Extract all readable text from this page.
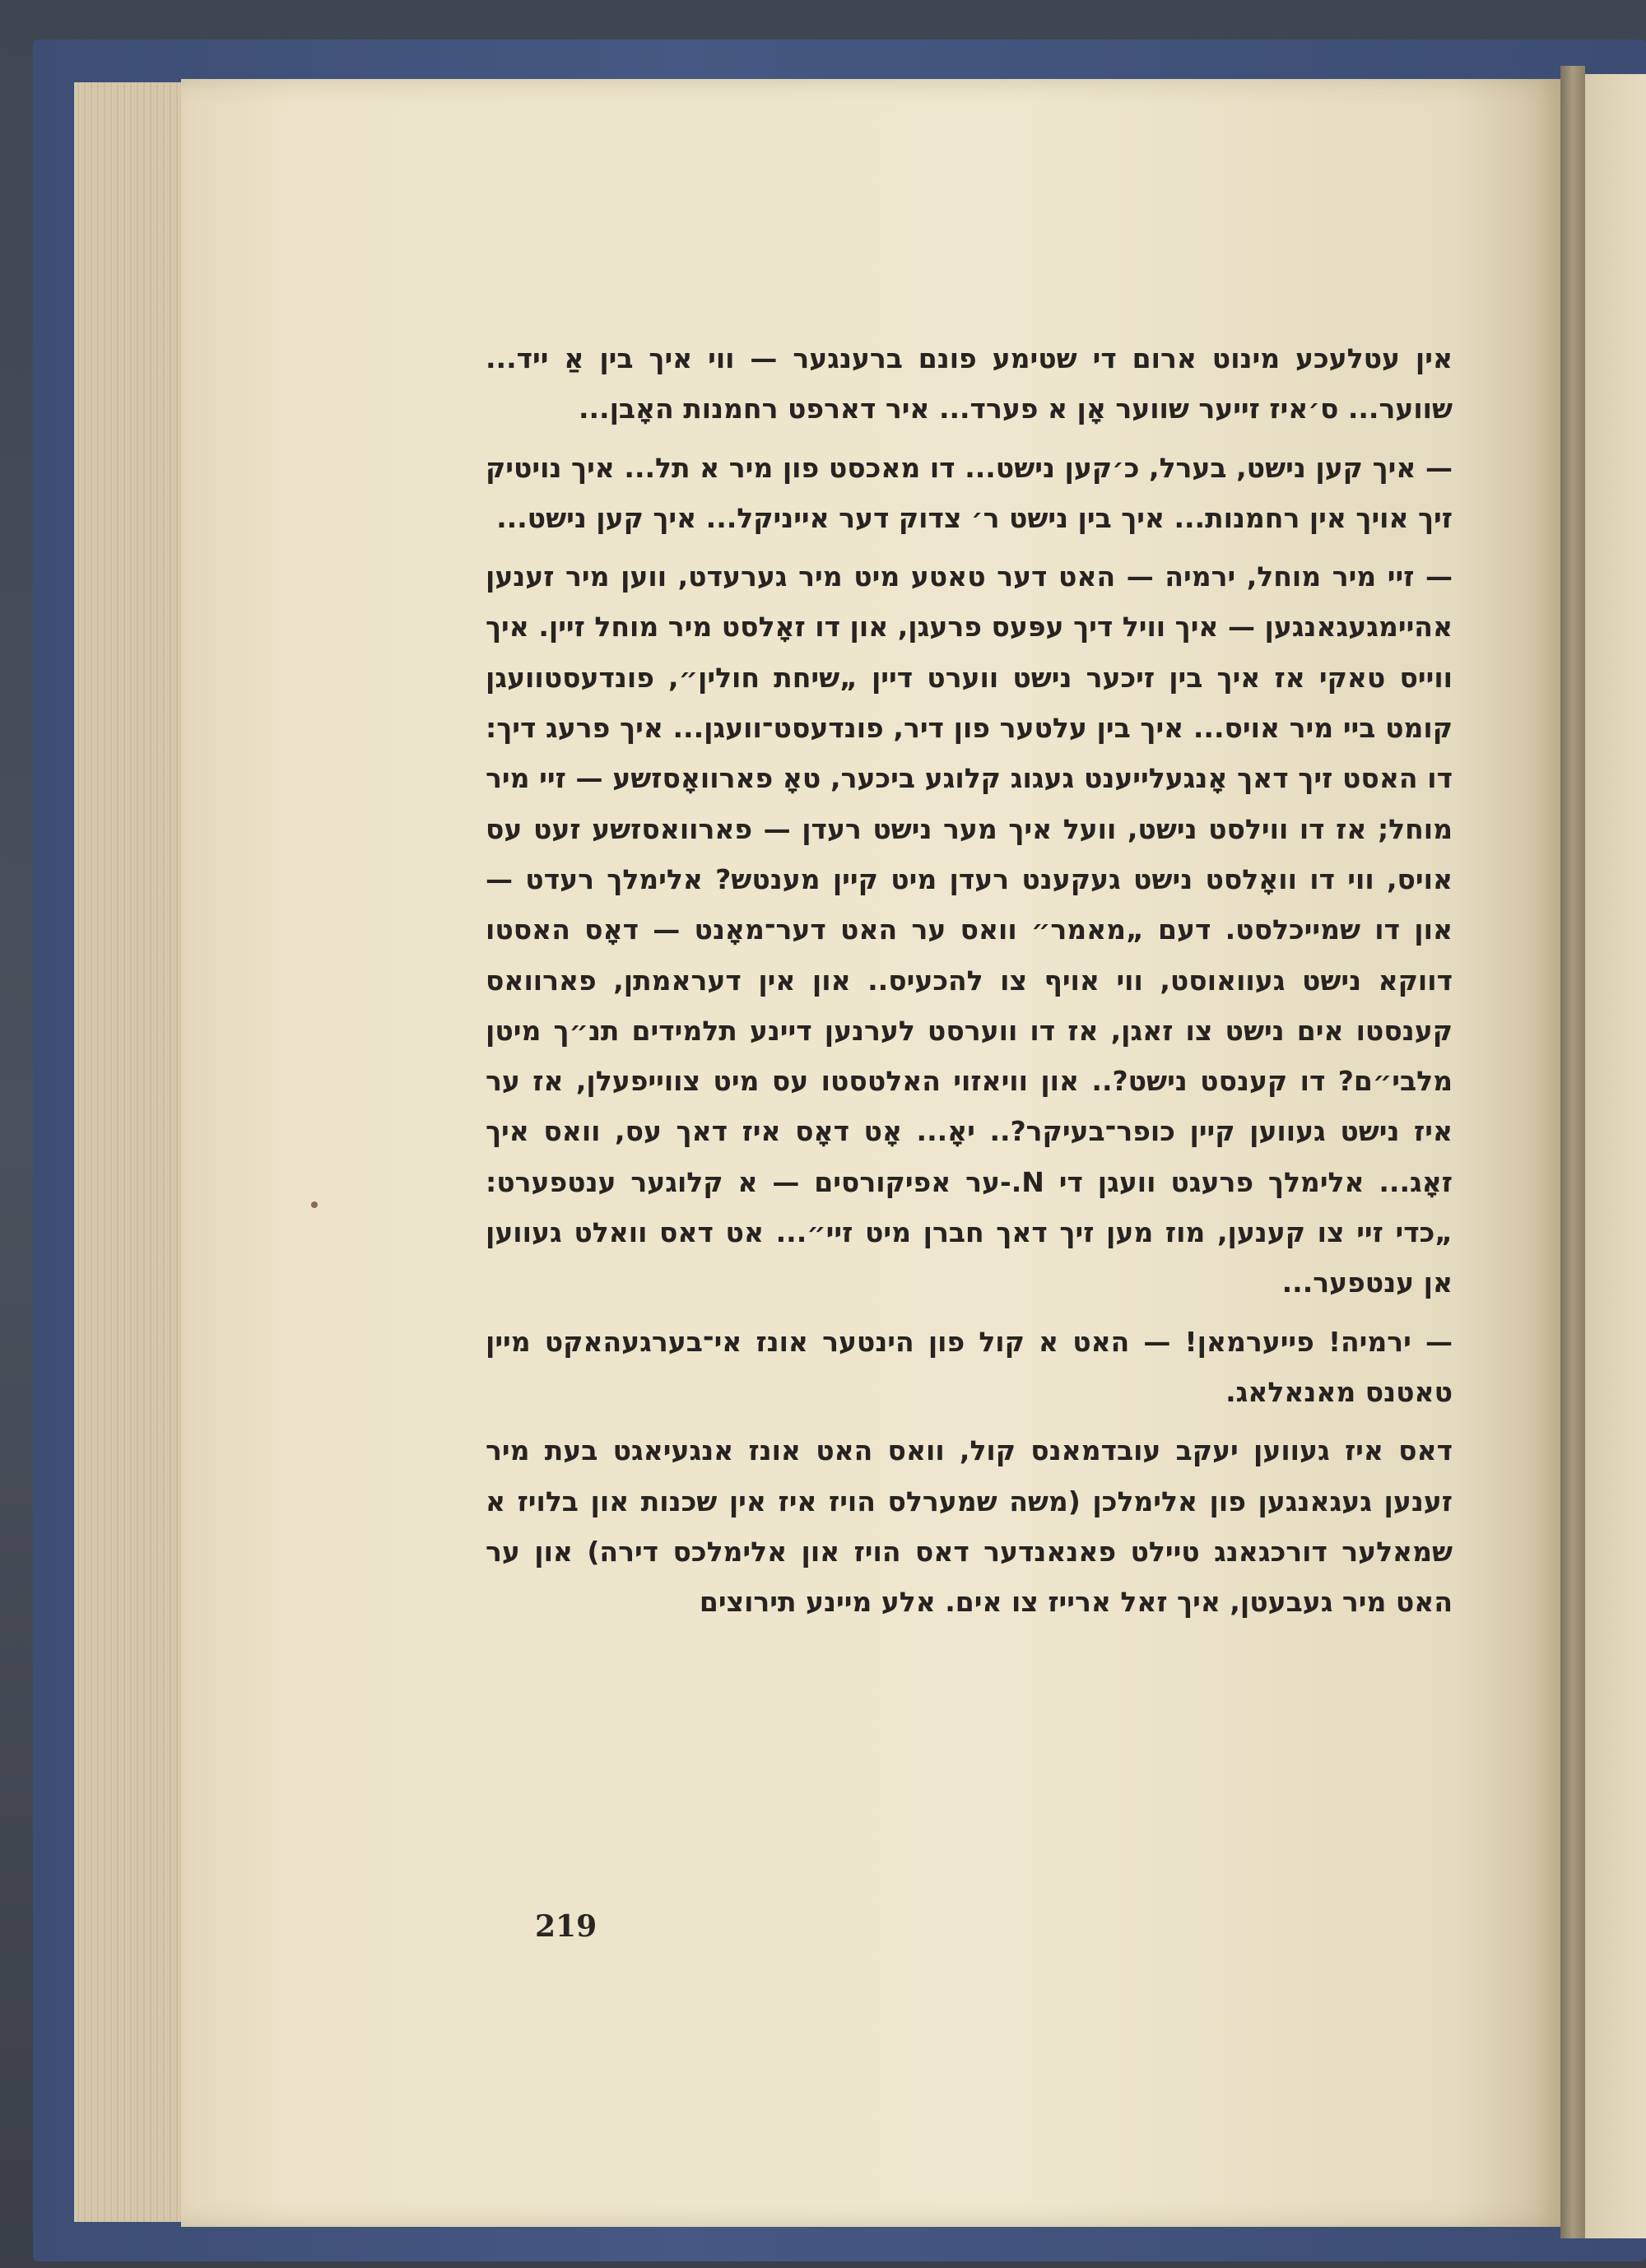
אין עטלעכע מינוט ארום די שטימע פונם ברענגער — ווי איך בין אַ ייד... שווער... ס׳איז זייער שווער אָן א פערד... איר דארפט רחמנות האָבן...

— איך קען נישט, בערל, כ׳קען נישט... דו מאכסט פון מיר א תל... איך נויטיק זיך אויך אין רחמנות... איך בין נישט ר׳ צדוק דער איי‍ניקל... איך קען נישט...

— זיי מיר מוחל, ירמיה — האט דער טאטע מיט מיר גערעדט, ווען מיר זענען אהיימגעגאנגען — איך וויל דיך עפּעס פרעגן, און דו זאָלסט מיר מוחל זיין. איך ווייס טאקי אז איך בין זיכער נישט ווערט דיין „שיחת חולין״, פונדעסטוועגן קומט ביי מיר אויס... איך בין עלטער פון דיר, פונדעסט־וועגן... איך פרעג דיך: דו האסט זיך דאך אָנגעלייענט געגוג קלוגע ביכער, טאָ פארוואָסזשע — זיי מיר מוחל; אז דו ווילסט נישט, וועל איך מער נישט רעדן — פארוואסזשע זעט עס אויס, ווי דו וואָלסט נישט געקענט רעדן מיט קיין מענטש? אלימלך רעדט — און דו שמייכלסט. דעם „מאמר״ וואס ער האט דער־מאָנט — דאָס האסטו דווקא נישט געוואוסט, ווי אויף צו להכעיס.. און אין דעראמתן, פארוואס קענסטו אים נישט צו זאגן, אז דו ווערסט לערנען דיינע תלמידים תנ״ך מיטן מלבי״ם? דו קענסט נישט?.. און וויאזוי האלטסטו עס מיט צווייפעלן, אז ער איז נישט געווען קיין כופר־בעיקר?.. יאָ... אָט דאָס איז דאך עס, וואס איך זאָג... אלימלך פרעגט וועגן די N.-ער אפיקורסים — א קלוגער ענטפערט: „כדי זיי צו קענען, מוז מען זיך דאך חברן מיט זיי״... אט דאס וואלט געווען אן ענטפער...

— ירמיה! פייערמאן! — האט א קול פון הינטער אונז אי־בערגעהאקט מיין טאטנס מאנאלאג.

דאס איז געווען יעקב עובדמאנס קול, וואס האט אונז אנגעיאגט בעת מיר זענען געגאנגען פון אלימלכן (משה שמערלס הויז איז אין שכנות און בלויז א שמאלער דורכגאנג טיילט פאנאנדער דאס הויז און אלימלכס דירה) און ער האט מיר געבעטן, איך זאל ארייז צו אים. אלע מיינע תירוצים

219
